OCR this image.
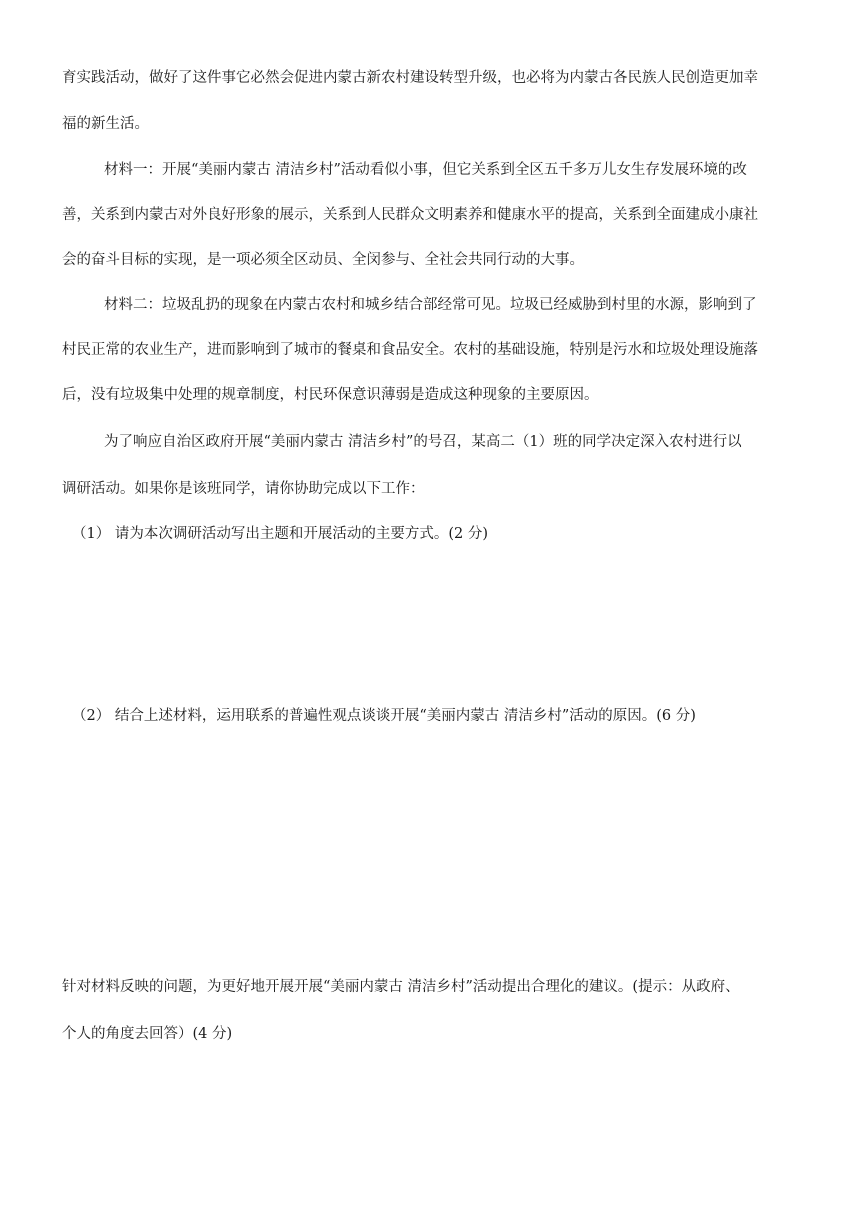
育实践活动，做好了这件事它必然会促进内蒙古新农村建设转型升级，也必将为内蒙古各民族人民创造更加幸
福的新生活。
材料一：开展“美丽内蒙古 清洁乡村”活动看似小事，但它关系到全区五千多万儿女生存发展环境的改
善，关系到内蒙古对外良好形象的展示，关系到人民群众文明素养和健康水平的提高，关系到全面建成小康社
会的奋斗目标的实现，是一项必须全区动员、全闵参与、全社会共同行动的大事。
材料二：垃圾乱扔的现象在内蒙古农村和城乡结合部经常可见。垃圾已经威胁到村里的水源，影响到了
村民正常的农业生产，进而影响到了城市的餐桌和食品安全。农村的基础设施，特别是污水和垃圾处理设施落
后，没有垃圾集中处理的规章制度，村民环保意识薄弱是造成这种现象的主要原因。
为了响应自治区政府开展“美丽内蒙古 清洁乡村”的号召，某高二（1）班的同学决定深入农村进行以
调研活动。如果你是该班同学，请你协助完成以下工作：
（1） 请为本次调研活动写出主题和开展活动的主要方式。(2 分)
（2） 结合上述材料，运用联系的普遍性观点谈谈开展“美丽内蒙古 清洁乡村”活动的原因。(6 分)
针对材料反映的问题，为更好地开展开展“美丽内蒙古 清洁乡村”活动提出合理化的建议。(提示：从政府、
个人的角度去回答）(4 分)
